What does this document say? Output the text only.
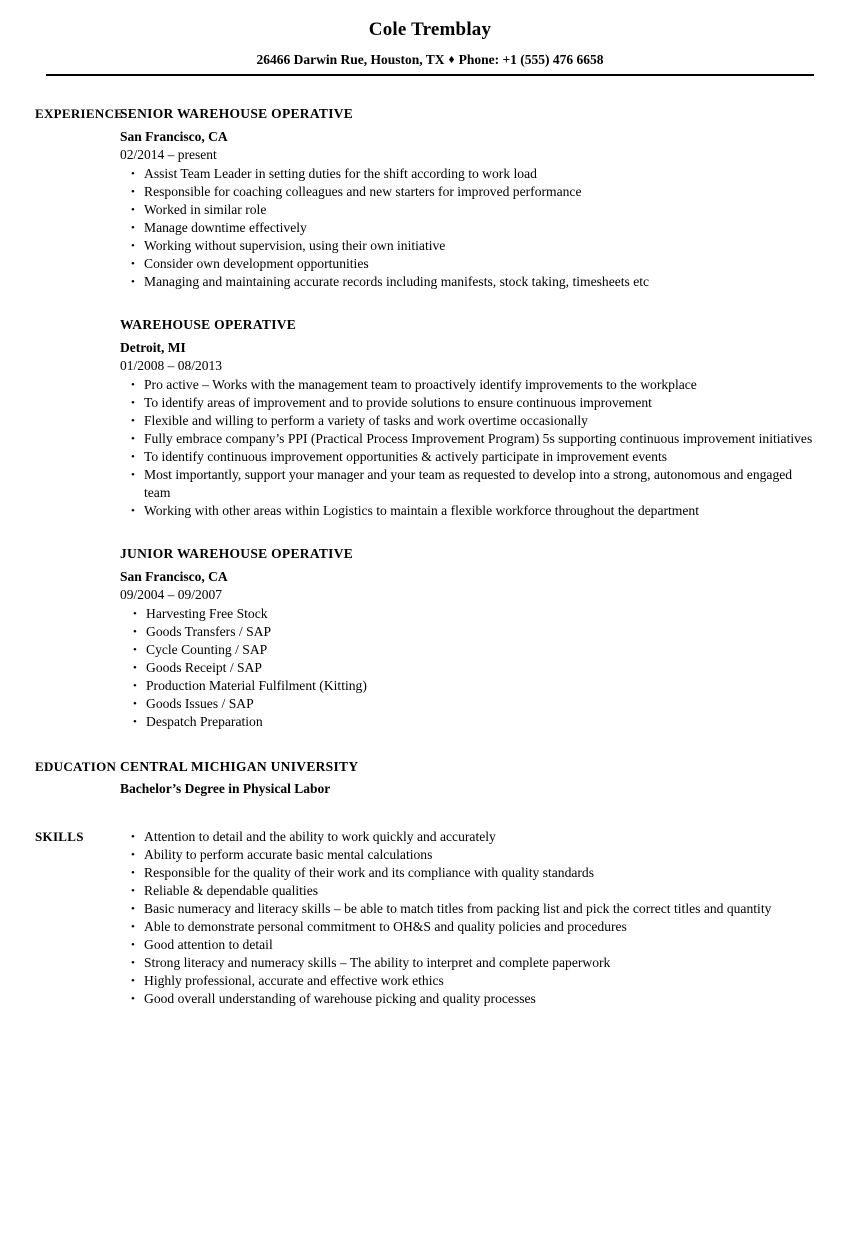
Cole Tremblay
26466 Darwin Rue, Houston, TX ♦ Phone: +1 (555) 476 6658
EXPERIENCE
SENIOR WAREHOUSE OPERATIVE
San Francisco, CA
02/2014 – present
• Assist Team Leader in setting duties for the shift according to work load
• Responsible for coaching colleagues and new starters for improved performance
• Worked in similar role
• Manage downtime effectively
• Working without supervision, using their own initiative
• Consider own development opportunities
• Managing and maintaining accurate records including manifests, stock taking, timesheets etc
WAREHOUSE OPERATIVE
Detroit, MI
01/2008 – 08/2013
• Pro active – Works with the management team to proactively identify improvements to the workplace
• To identify areas of improvement and to provide solutions to ensure continuous improvement
• Flexible and willing to perform a variety of tasks and work overtime occasionally
• Fully embrace company’s PPI (Practical Process Improvement Program) 5s supporting continuous improvement initiatives
• To identify continuous improvement opportunities & actively participate in improvement events
• Most importantly, support your manager and your team as requested to develop into a strong, autonomous and engaged team
• Working with other areas within Logistics to maintain a flexible workforce throughout the department
JUNIOR WAREHOUSE OPERATIVE
San Francisco, CA
09/2004 – 09/2007
• Harvesting Free Stock
• Goods Transfers / SAP
• Cycle Counting / SAP
• Goods Receipt / SAP
• Production Material Fulfilment (Kitting)
• Goods Issues / SAP
• Despatch Preparation
EDUCATION CENTRAL MICHIGAN UNIVERSITY
Bachelor’s Degree in Physical Labor
SKILLS	• Attention to detail and the ability to work quickly and accurately
• Ability to perform accurate basic mental calculations
• Responsible for the quality of their work and its compliance with quality standards
• Reliable & dependable qualities
• Basic numeracy and literacy skills – be able to match titles from packing list and pick the correct titles and quantity
• Able to demonstrate personal commitment to OH&S and quality policies and procedures
• Good attention to detail
• Strong literacy and numeracy skills – The ability to interpret and complete paperwork
• Highly professional, accurate and effective work ethics
• Good overall understanding of warehouse picking and quality processes
